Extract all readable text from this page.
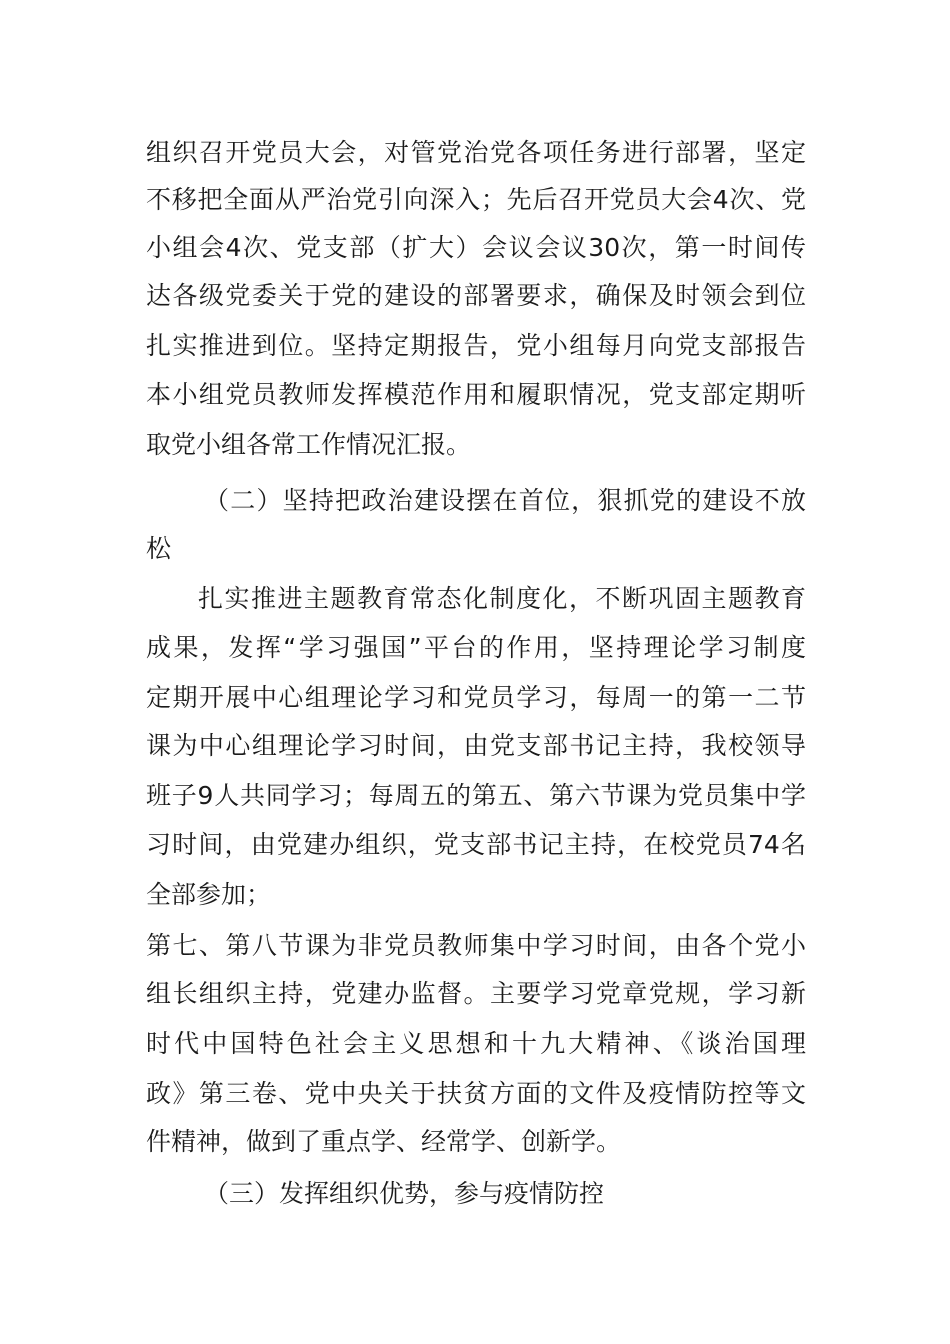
组织召开党员大会，对管党治党各项任务进行部署，坚定
不移把全面从严治党引向深入；先后召开党员大会4次、党
小组会4次、党支部（扩大）会议会议30次，第一时间传
达各级党委关于党的建设的部署要求，确保及时领会到位
扎实推进到位。坚持定期报告，党小组每月向党支部报告
本小组党员教师发挥模范作用和履职情况，党支部定期听
取党小组各常工作情况汇报。
（二）坚持把政治建设摆在首位，狠抓党的建设不放
松
扎实推进主题教育常态化制度化，不断巩固主题教育
成果，发挥“学习强国”平台的作用，坚持理论学习制度
定期开展中心组理论学习和党员学习，每周一的第一二节
课为中心组理论学习时间，由党支部书记主持，我校领导
班子9人共同学习；每周五的第五、第六节课为党员集中学
习时间，由党建办组织，党支部书记主持，在校党员74名
全部参加；
第七、第八节课为非党员教师集中学习时间，由各个党小
组长组织主持，党建办监督。主要学习党章党规，学习新
时代中国特色社会主义思想和十九大精神、《谈治国理
政》第三卷、党中央关于扶贫方面的文件及疫情防控等文
件精神，做到了重点学、经常学、创新学。
（三）发挥组织优势，参与疫情防控
